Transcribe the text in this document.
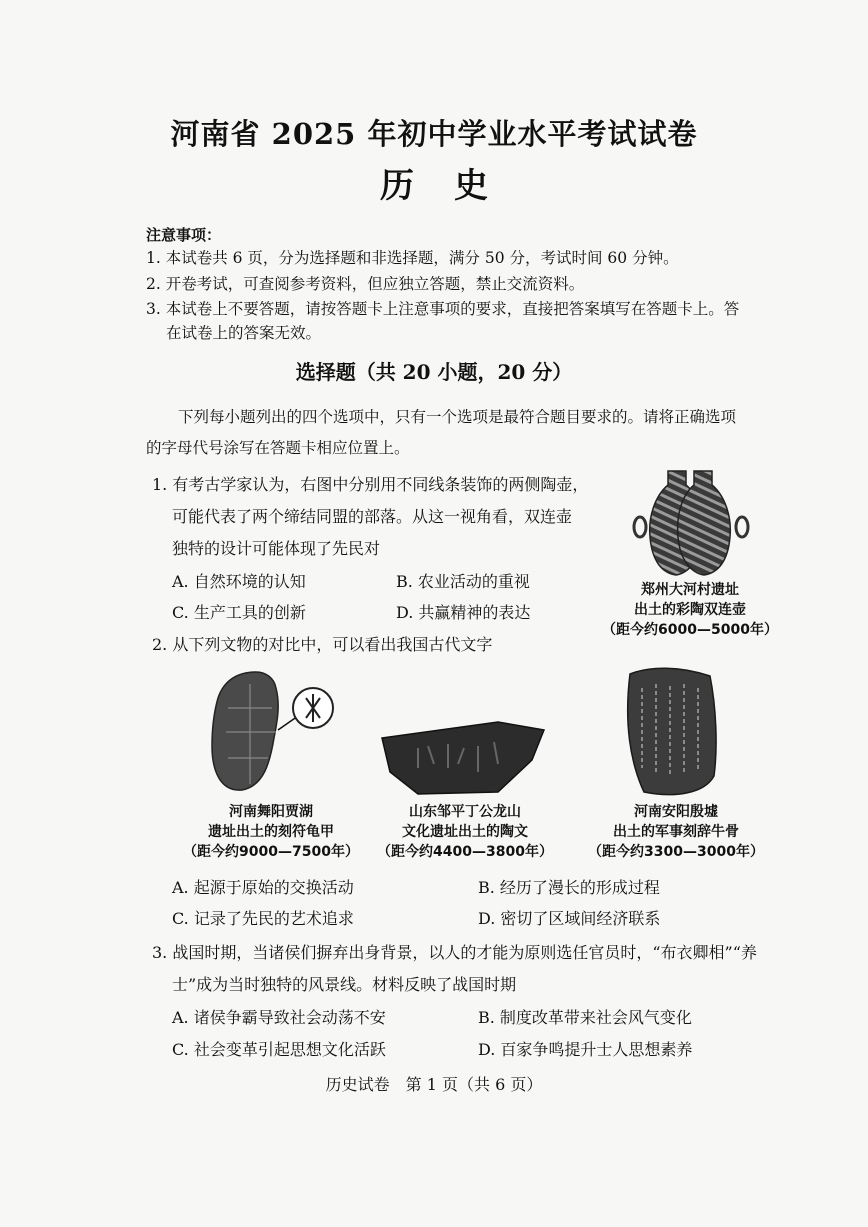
河南省 2025 年初中学业水平考试试卷
历史
注意事项：
1. 本试卷共 6 页，分为选择题和非选择题，满分 50 分，考试时间 60 分钟。
2. 开卷考试，可查阅参考资料，但应独立答题，禁止交流资料。
3. 本试卷上不要答题，请按答题卡上注意事项的要求，直接把答案填写在答题卡上。答
在试卷上的答案无效。
选择题（共 20 小题，20 分）
下列每小题列出的四个选项中，只有一个选项是最符合题目要求的。请将正确选项
的字母代号涂写在答题卡相应位置上。
1. 有考古学家认为，右图中分别用不同线条装饰的两侧陶壶，
可能代表了两个缔结同盟的部落。从这一视角看，双连壶
独特的设计可能体现了先民对
A. 自然环境的认知	B. 农业活动的重视
C. 生产工具的创新	D. 共赢精神的表达
郑州大河村遗址
出土的彩陶双连壶
（距今约6000—5000年）
2. 从下列文物的对比中，可以看出我国古代文字
河南舞阳贾湖
遗址出土的刻符龟甲
（距今约9000—7500年）
山东邹平丁公龙山
文化遗址出土的陶文
（距今约4400—3800年）
河南安阳殷墟
出土的军事刻辞牛骨
（距今约3300—3000年）
A. 起源于原始的交换活动	B. 经历了漫长的形成过程
C. 记录了先民的艺术追求	D. 密切了区域间经济联系
3. 战国时期，当诸侯们摒弃出身背景，以人的才能为原则选任官员时，“布衣卿相”“养
士”成为当时独特的风景线。材料反映了战国时期
A. 诸侯争霸导致社会动荡不安	B. 制度改革带来社会风气变化
C. 社会变革引起思想文化活跃	D. 百家争鸣提升士人思想素养
历史试卷　第 1 页（共 6 页）
